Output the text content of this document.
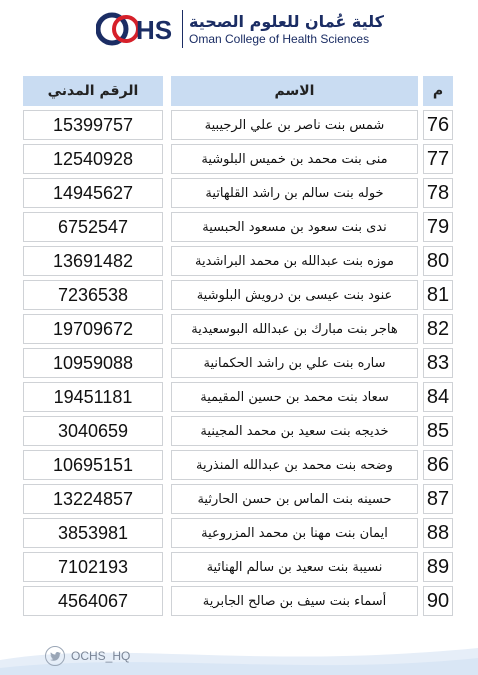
HS كلية عُمان للعلوم الصحية
Oman College of Health Sciences
الرقم المدني	الاسم	م
15399757	شمس بنت ناصر بن علي الرجيبية 76
12540928	منى بنت محمد بن خميس البلوشية 77
14945627	خوله بنت سالم بن راشد القلهاتية 78
6752547	ندى بنت سعود بن مسعود الحبسية 79
13691482	موزه بنت عبدالله بن محمد البراشدية 80
7236538	عنود بنت عيسى بن درويش البلوشية 81
19709672	هاجر بنت مبارك بن عبدالله البوسعيدية 82
10959088	ساره بنت علي بن راشد الحكمانية 83
19451181	سعاد بنت محمد بن حسين المقيمية 84
3040659	خديجه بنت سعيد بن محمد المجينية 85
10695151	وضحه بنت محمد بن عبدالله المنذرية 86
13224857	حسينه بنت الماس بن حسن الحارثية 87
3853981	ايمان بنت مهنا بن محمد المزروعية 88
7102193	نسيبة بنت سعيد بن سالم الهنائية 89
4564067	أسماء بنت سيف بن صالح الجابرية 90
OCHS_HQ
